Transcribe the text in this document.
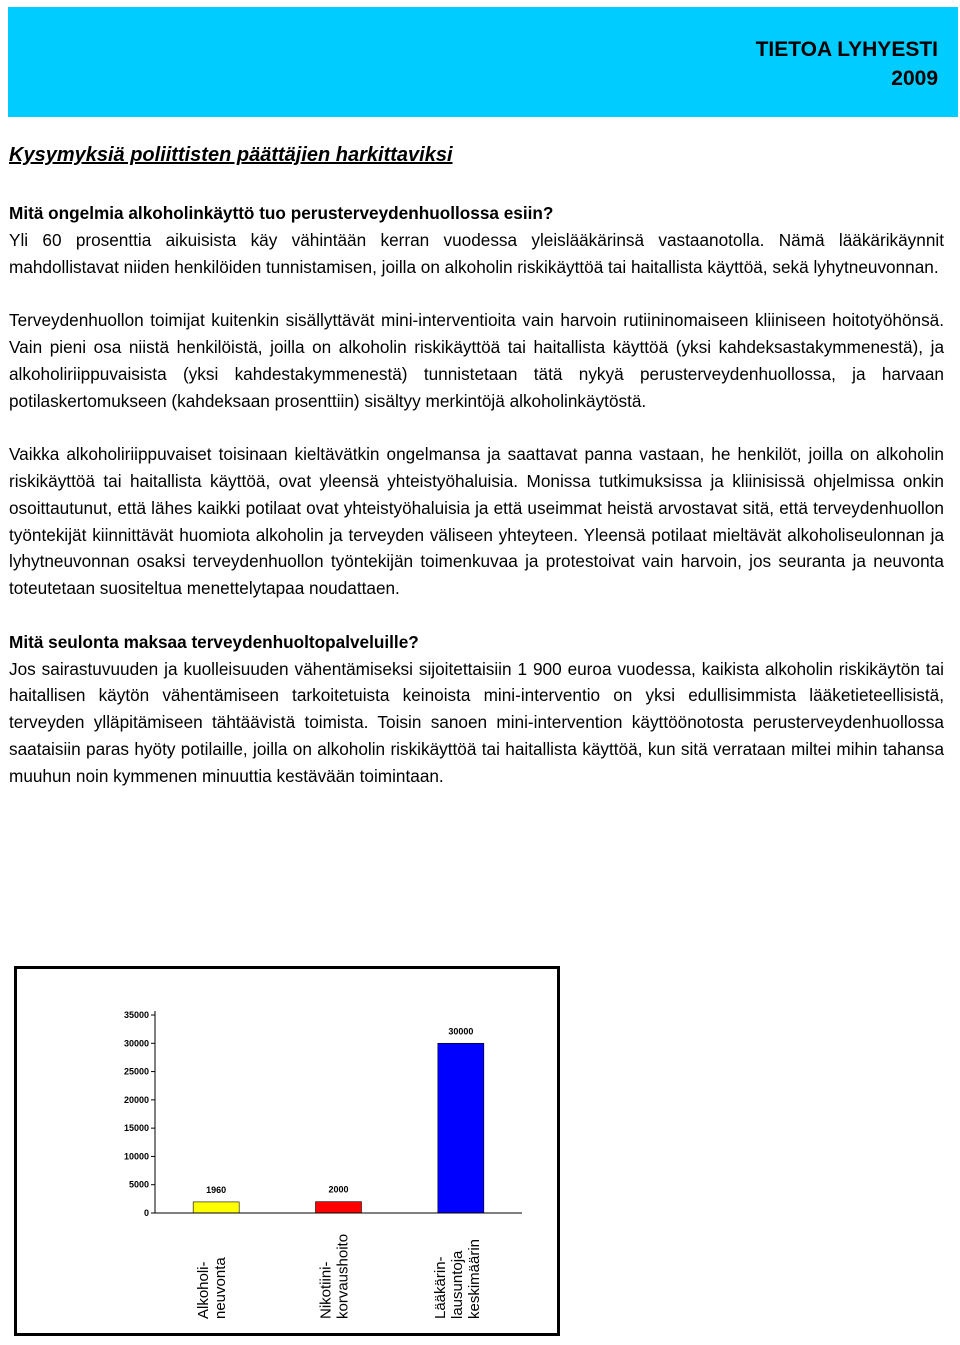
TIETOA LYHYESTI
2009
Kysymyksiä poliittisten päättäjien harkittaviksi

Mitä ongelmia alkoholinkäyttö tuo perusterveydenhuollossa esiin?
Yli 60 prosenttia aikuisista käy vähintään kerran vuodessa yleislääkärinsä vastaanotolla. Nämä lääkärikäynnit mahdollistavat niiden henkilöiden tunnistamisen, joilla on alkoholin riskikäyttöä tai haitallista käyttöä, sekä lyhytneuvonnan.

Terveydenhuollon toimijat kuitenkin sisällyttävät mini-interventioita vain harvoin rutiininomaiseen kliiniseen hoitotyöhönsä. Vain pieni osa niistä henkilöistä, joilla on alkoholin riskikäyttöä tai haitallista käyttöä (yksi kahdeksastakymmenestä), ja alkoholiriippuvaisista (yksi kahdestakymmenestä) tunnistetaan tätä nykyä perusterveydenhuollossa, ja harvaan potilaskertomukseen (kahdeksaan prosenttiin) sisältyy merkintöjä alkoholinkäytöstä.

Vaikka alkoholiriippuvaiset toisinaan kieltävätkin ongelmansa ja saattavat panna vastaan, he henkilöt, joilla on alkoholin riskikäyttöä tai haitallista käyttöä, ovat yleensä yhteistyöhaluisia. Monissa tutkimuksissa ja kliinisissä ohjelmissa onkin osoittautunut, että lähes kaikki potilaat ovat yhteistyöhaluisia ja että useimmat heistä arvostavat sitä, että terveydenhuollon työntekijät kiinnittävät huomiota alkoholin ja terveyden väliseen yhteyteen. Yleensä potilaat mieltävät alkoholiseulonnan ja lyhytneuvonnan osaksi terveydenhuollon työntekijän toimenkuvaa ja protestoivat vain harvoin, jos seuranta ja neuvonta toteutetaan suositeltua menettelytapaa noudattaen.

Mitä seulonta maksaa terveydenhuoltopalveluille?
Jos sairastuvuuden ja kuolleisuuden vähentämiseksi sijoitettaisiin 1 900 euroa vuodessa, kaikista alkoholin riskikäytön tai haitallisen käytön vähentämiseen tarkoitetuista keinoista mini-interventio on yksi edullisimmista lääketieteellisistä, terveyden ylläpitämiseen tähtäävistä toimista. Toisin sanoen mini-intervention käyttöönotosta perusterveydenhuollossa saataisiin paras hyöty potilaille, joilla on alkoholin riskikäyttöä tai haitallista käyttöä, kun sitä verrataan miltei mihin tahansa muuhun noin kymmenen minuuttia kestävään toimintaan.

0
5000
10000
15000
20000
25000
30000
35000
1960
Alkoholi- neuvonta
2000
Nikotiini- korvaushoito
30000
Lääkärin- lausuntoja keskimäärin
